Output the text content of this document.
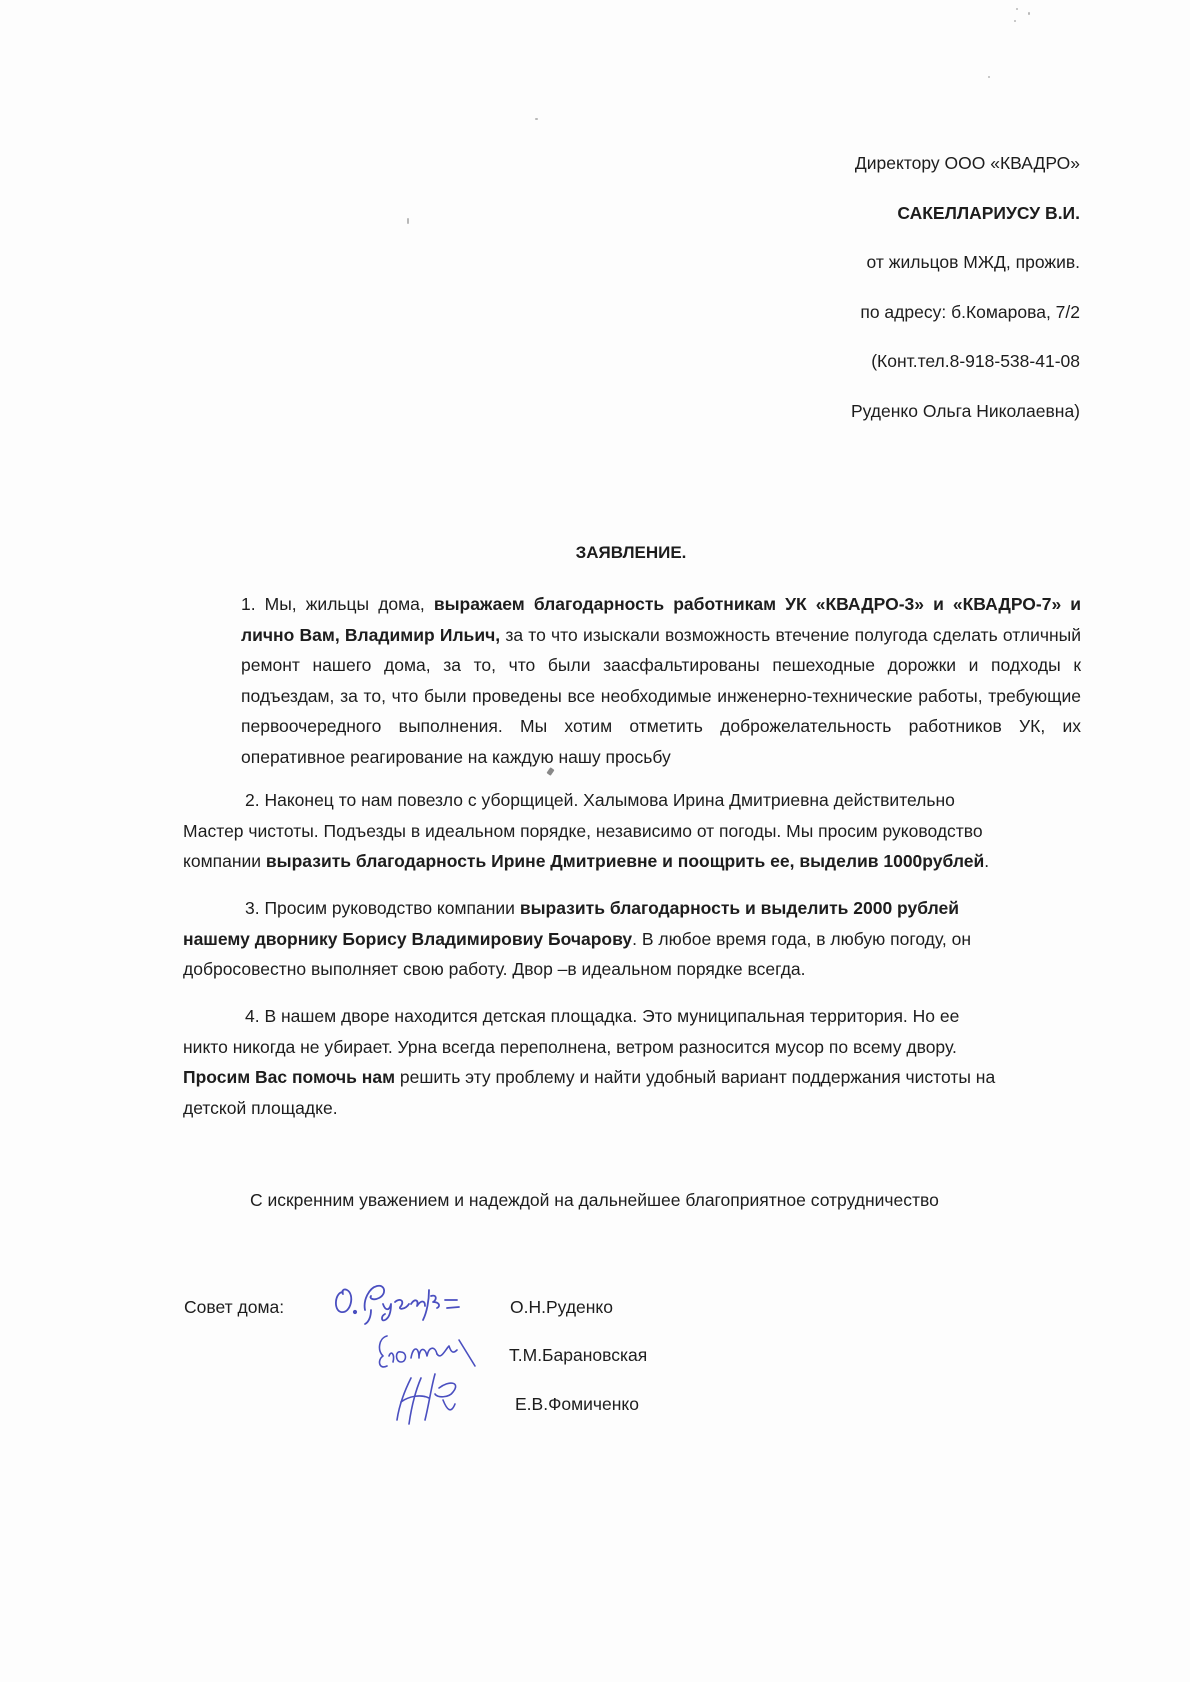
Директору ООО «КВАДРО»
САКЕЛЛАРИУСУ В.И.
от жильцов МЖД, прожив.
по адресу: б.Комарова, 7/2
(Конт.тел.8-918-538-41-08
Руденко Ольга Николаевна)
ЗАЯВЛЕНИЕ.

1. Мы, жильцы дома, выражаем благодарность работникам УК «КВАДРО-3» и «КВАДРО-7» и лично Вам, Владимир Ильич, за то что изыскали возможность втечение полугода сделать отличный ремонт нашего дома, за то, что были заасфальтированы пешеходные дорожки и подходы к подъездам, за то, что были проведены все необходимые инженерно-технические работы, требующие первоочередного выполнения. Мы хотим отметить доброжелательность работников УК, их оперативное реагирование на каждую нашу просьбу

2. Наконец то нам повезло с уборщицей. Халымова Ирина Дмитриевна действительно

Мастер чистоты. Подъезды в идеальном порядке, независимо от погоды. Мы просим руководство

компании выразить благодарность Ирине Дмитриевне и поощрить ее, выделив 1000рублей.

3. Просим руководство компании выразить благодарность и выделить 2000 рублей

нашему дворнику Борису Владимировиу Бочарову. В любое время года, в любую погоду, он

добросовестно выполняет свою работу. Двор –в идеальном порядке всегда.

4. В нашем дворе находится детская площадка. Это муниципальная территория. Но ее

никто никогда не убирает. Урна всегда переполнена, ветром разносится мусор по всему двору.

Просим Вас помочь нам решить эту проблему и найти удобный вариант поддержания чистоты на

детской площадке.

С искренним уважением и надеждой на дальнейшее благоприятное сотрудничество
Совет дома:	О.Н.Руденко
Т.М.Барановская
Е.В.Фомиченко
